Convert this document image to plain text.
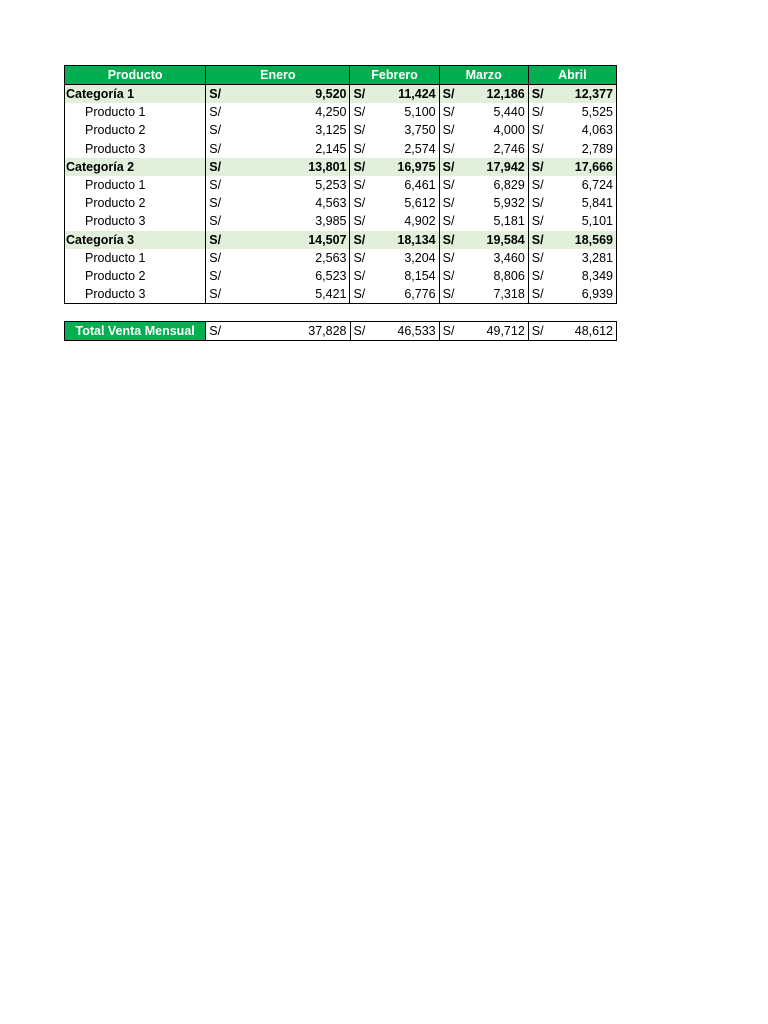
Producto	Enero		Febrero		Marzo		Abril	
Categoría 1	S/	9,520	S/	11,424	S/	12,186	S/	12,377
Producto 1	S/	4,250	S/	5,100	S/	5,440	S/	5,525
Producto 2	S/	3,125	S/	3,750	S/	4,000	S/	4,063
Producto 3	S/	2,145	S/	2,574	S/	2,746	S/	2,789
Categoría 2	S/	13,801	S/	16,975	S/	17,942	S/	17,666
Producto 1	S/	5,253	S/	6,461	S/	6,829	S/	6,724
Producto 2	S/	4,563	S/	5,612	S/	5,932	S/	5,841
Producto 3	S/	3,985	S/	4,902	S/	5,181	S/	5,101
Categoría 3	S/	14,507	S/	18,134	S/	19,584	S/	18,569
Producto 1	S/	2,563	S/	3,204	S/	3,460	S/	3,281
Producto 2	S/	6,523	S/	8,154	S/	8,806	S/	8,349
Producto 3	S/	5,421	S/	6,776	S/	7,318	S/	6,939
Total Venta Mensual	S/	37,828	S/	46,533	S/	49,712	S/	48,612
